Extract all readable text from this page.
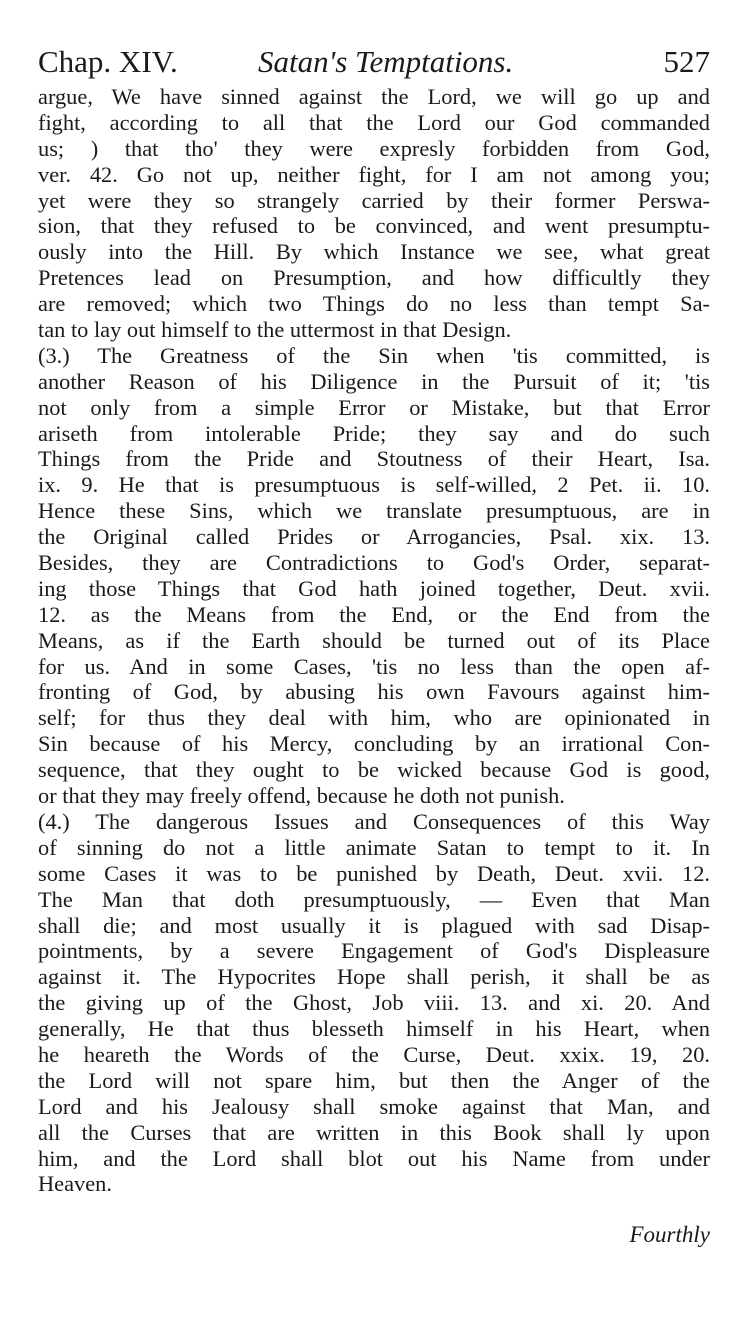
Chap. XIV.	Satan's Temptations.	527
argue, We have sinned against the Lord, we will go up and
fight, according to all that the Lord our God commanded
us; ) that tho' they were expresly forbidden from God,
ver. 42. Go not up, neither fight, for I am not among you;
yet were they so strangely carried by their former Perswa-
sion, that they refused to be convinced, and went presumptu-
ously into the Hill. By which Instance we see, what great
Pretences lead on Presumption, and how difficultly they
are removed; which two Things do no less than tempt Sa-
tan to lay out himself to the uttermost in that Design.
(3.) The Greatness of the Sin when 'tis committed, is
another Reason of his Diligence in the Pursuit of it; 'tis
not only from a simple Error or Mistake, but that Error
ariseth from intolerable Pride; they say and do such
Things from the Pride and Stoutness of their Heart, Isa.
ix. 9. He that is presumptuous is self-willed, 2 Pet. ii. 10.
Hence these Sins, which we translate presumptuous, are in
the Original called Prides or Arrogancies, Psal. xix. 13.
Besides, they are Contradictions to God's Order, separat-
ing those Things that God hath joined together, Deut. xvii.
12. as the Means from the End, or the End from the
Means, as if the Earth should be turned out of its Place
for us. And in some Cases, 'tis no less than the open af-
fronting of God, by abusing his own Favours against him-
self; for thus they deal with him, who are opinionated in
Sin because of his Mercy, concluding by an irrational Con-
sequence, that they ought to be wicked because God is good,
or that they may freely offend, because he doth not punish.
(4.) The dangerous Issues and Consequences of this Way
of sinning do not a little animate Satan to tempt to it. In
some Cases it was to be punished by Death, Deut. xvii. 12.
The Man that doth presumptuously, — Even that Man
shall die; and most usually it is plagued with sad Disap-
pointments, by a severe Engagement of God's Displeasure
against it. The Hypocrites Hope shall perish, it shall be as
the giving up of the Ghost, Job viii. 13. and xi. 20. And
generally, He that thus blesseth himself in his Heart, when
he heareth the Words of the Curse, Deut. xxix. 19, 20.
the Lord will not spare him, but then the Anger of the
Lord and his Jealousy shall smoke against that Man, and
all the Curses that are written in this Book shall ly upon
him, and the Lord shall blot out his Name from under
Heaven.
Fourthly
